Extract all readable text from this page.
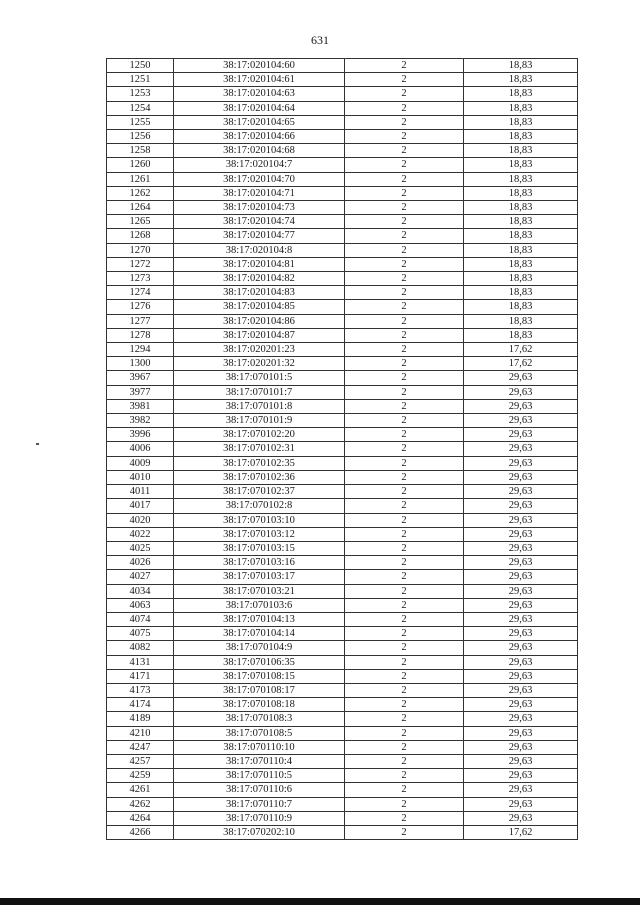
631
1250	38:17:020104:60	2	18,83
1251	38:17:020104:61	2	18,83
1253	38:17:020104:63	2	18,83
1254	38:17:020104:64	2	18,83
1255	38:17:020104:65	2	18,83
1256	38:17:020104:66	2	18,83
1258	38:17:020104:68	2	18,83
1260	38:17:020104:7	2	18,83
1261	38:17:020104:70	2	18,83
1262	38:17:020104:71	2	18,83
1264	38:17:020104:73	2	18,83
1265	38:17:020104:74	2	18,83
1268	38:17:020104:77	2	18,83
1270	38:17:020104:8	2	18,83
1272	38:17:020104:81	2	18,83
1273	38:17:020104:82	2	18,83
1274	38:17:020104:83	2	18,83
1276	38:17:020104:85	2	18,83
1277	38:17:020104:86	2	18,83
1278	38:17:020104:87	2	18,83
1294	38:17:020201:23	2	17,62
1300	38:17:020201:32	2	17,62
3967	38:17:070101:5	2	29,63
3977	38:17:070101:7	2	29,63
3981	38:17:070101:8	2	29,63
3982	38:17:070101:9	2	29,63
3996	38:17:070102:20	2	29,63
4006	38:17:070102:31	2	29,63
4009	38:17:070102:35	2	29,63
4010	38:17:070102:36	2	29,63
4011	38:17:070102:37	2	29,63
4017	38:17:070102:8	2	29,63
4020	38:17:070103:10	2	29,63
4022	38:17:070103:12	2	29,63
4025	38:17:070103:15	2	29,63
4026	38:17:070103:16	2	29,63
4027	38:17:070103:17	2	29,63
4034	38:17:070103:21	2	29,63
4063	38:17:070103:6	2	29,63
4074	38:17:070104:13	2	29,63
4075	38:17:070104:14	2	29,63
4082	38:17:070104:9	2	29,63
4131	38:17:070106:35	2	29,63
4171	38:17:070108:15	2	29,63
4173	38:17:070108:17	2	29,63
4174	38:17:070108:18	2	29,63
4189	38:17:070108:3	2	29,63
4210	38:17:070108:5	2	29,63
4247	38:17:070110:10	2	29,63
4257	38:17:070110:4	2	29,63
4259	38:17:070110:5	2	29,63
4261	38:17:070110:6	2	29,63
4262	38:17:070110:7	2	29,63
4264	38:17:070110:9	2	29,63
4266	38:17:070202:10	2	17,62
